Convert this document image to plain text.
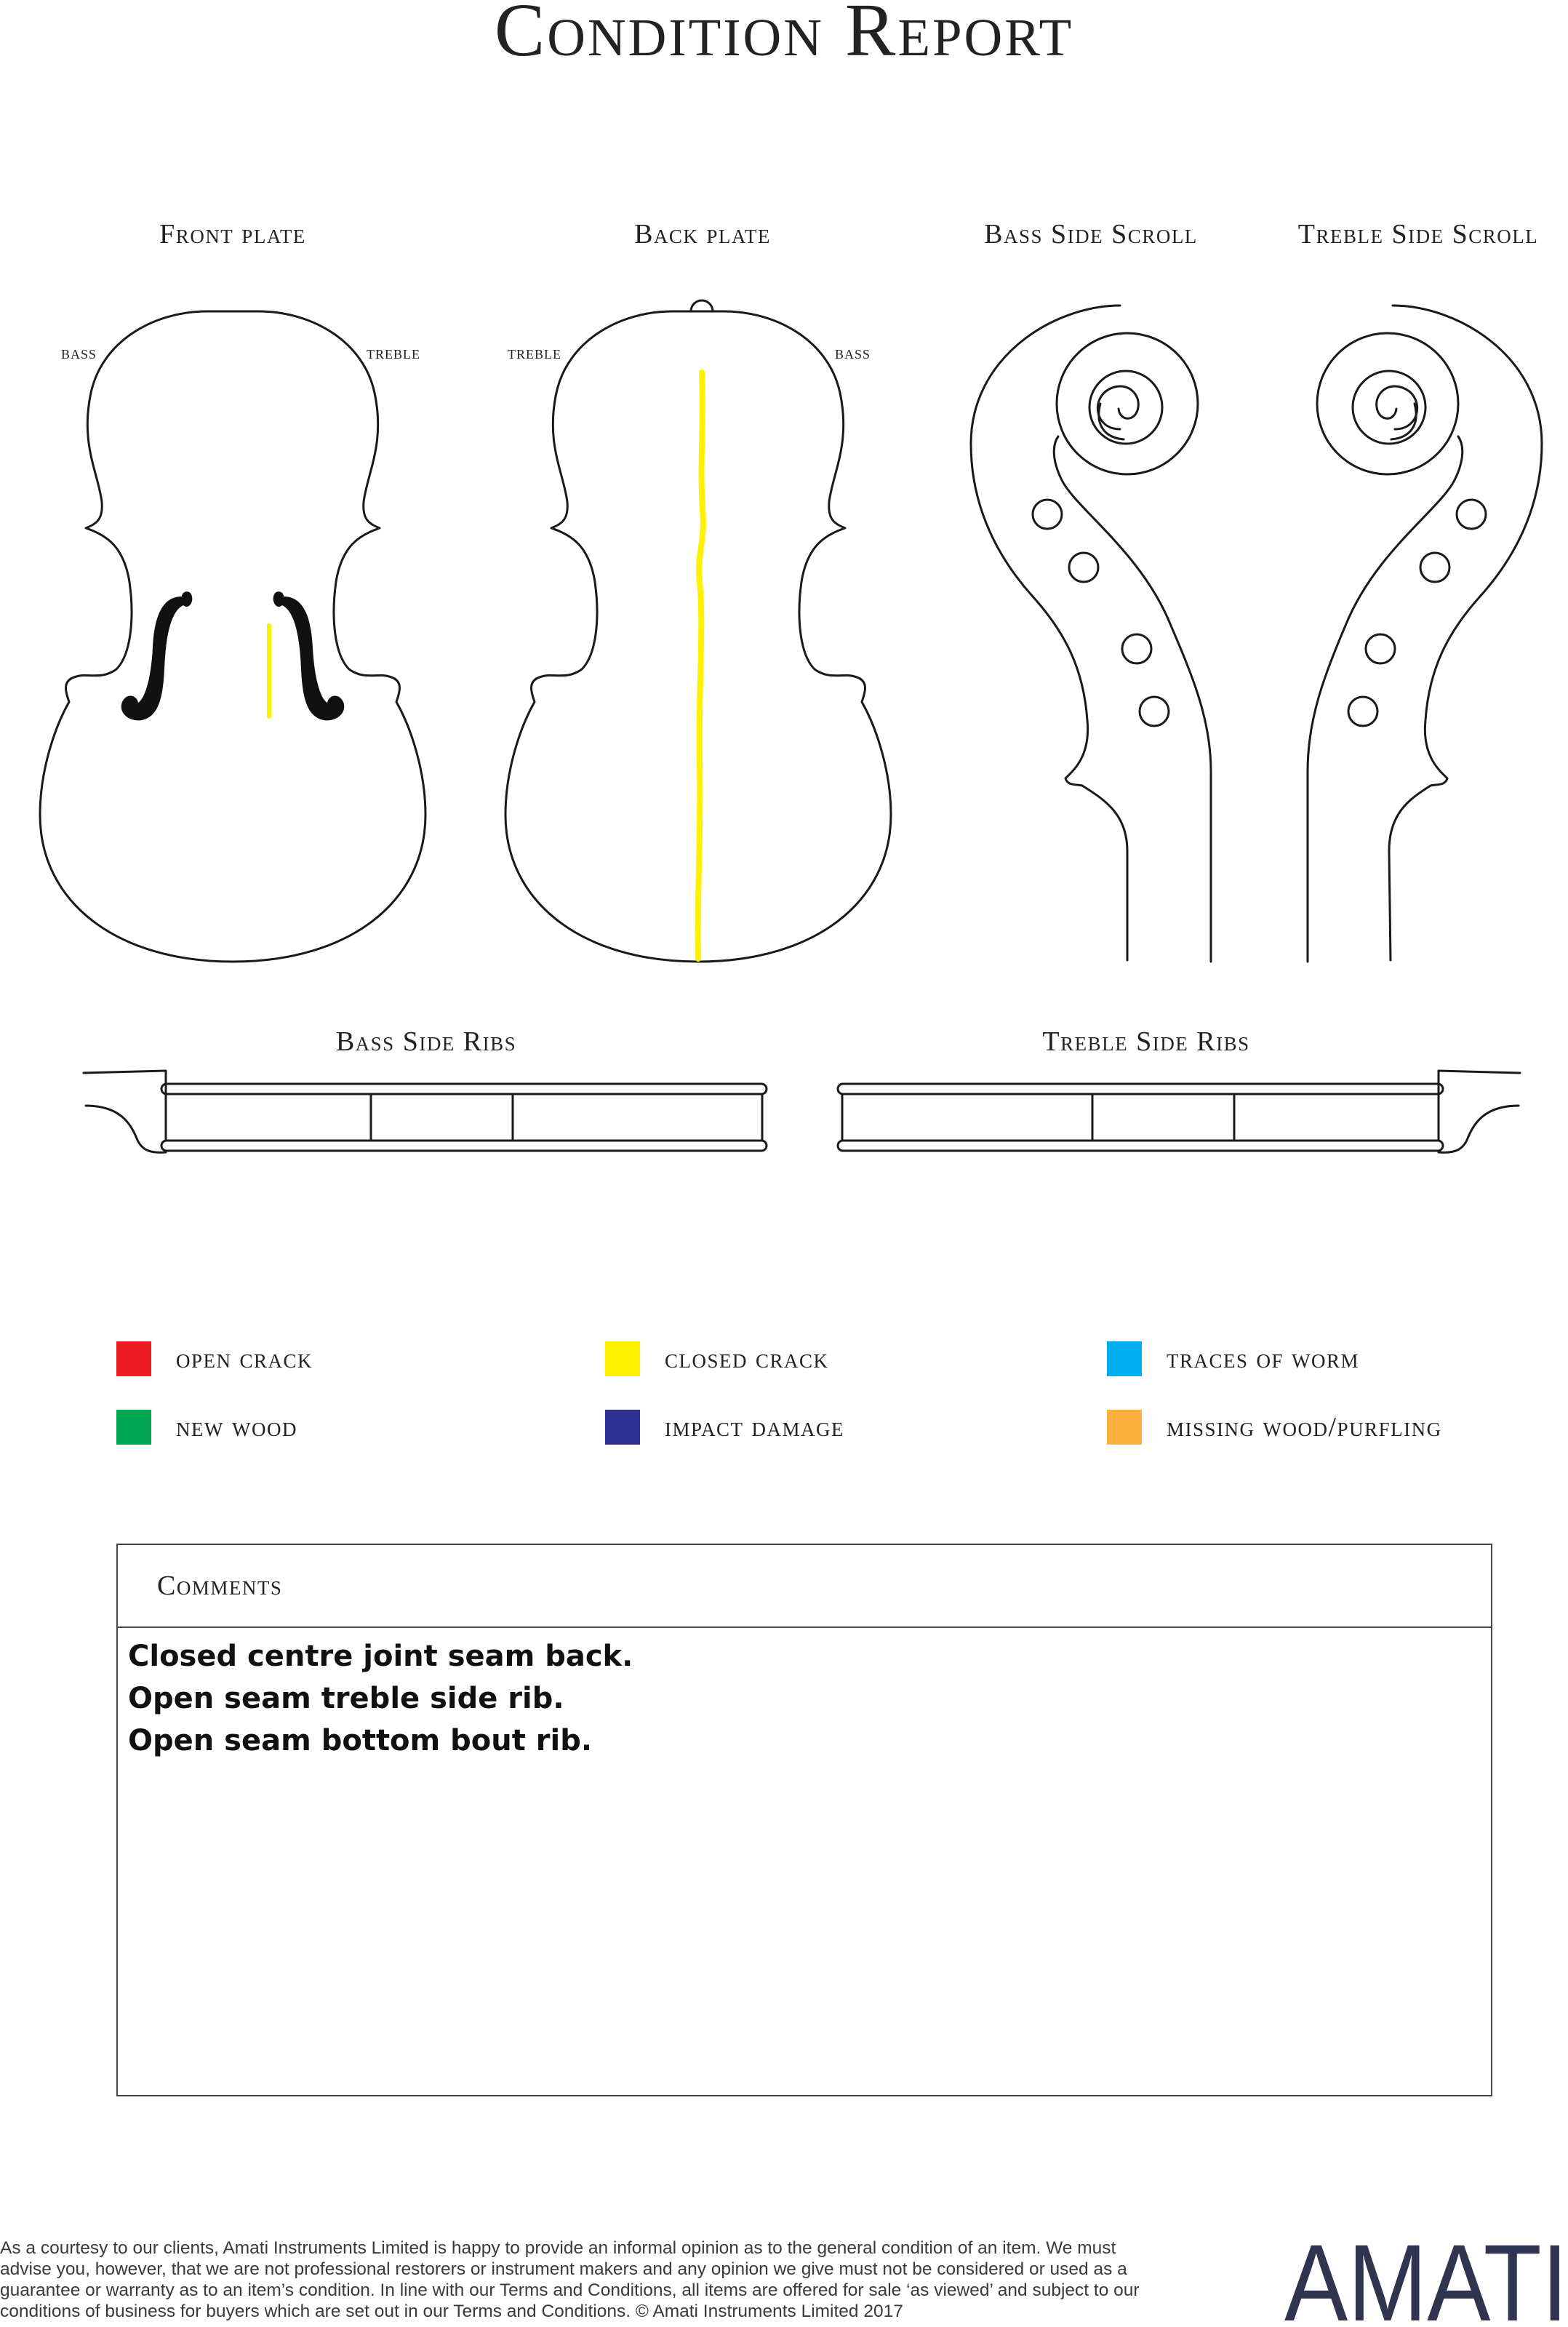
Condition Report
Front plate	Back plate	Bass Side Scroll	Treble Side Scroll
Bass Side Ribs	Treble Side Ribs
bass	treble	treble	bass
open crack	closed crack	traces of worm
new wood	impact damage	missing wood/purfling
Comments
Closed centre joint seam back.
Open seam treble side rib.
Open seam bottom bout rib.
As a courtesy to our clients, Amati Instruments Limited is happy to provide an informal opinion as to the general condition of an item. We must advise you, however, that we are not professional restorers or instrument makers and any opinion we give must not be considered or used as a guarantee or warranty as to an item’s condition. In line with our Terms and Conditions, all items are offered for sale ‘as viewed’ and subject to our conditions of business for buyers which are set out in our Terms and Conditions. © Amati Instruments Limited 2017	AMATI
